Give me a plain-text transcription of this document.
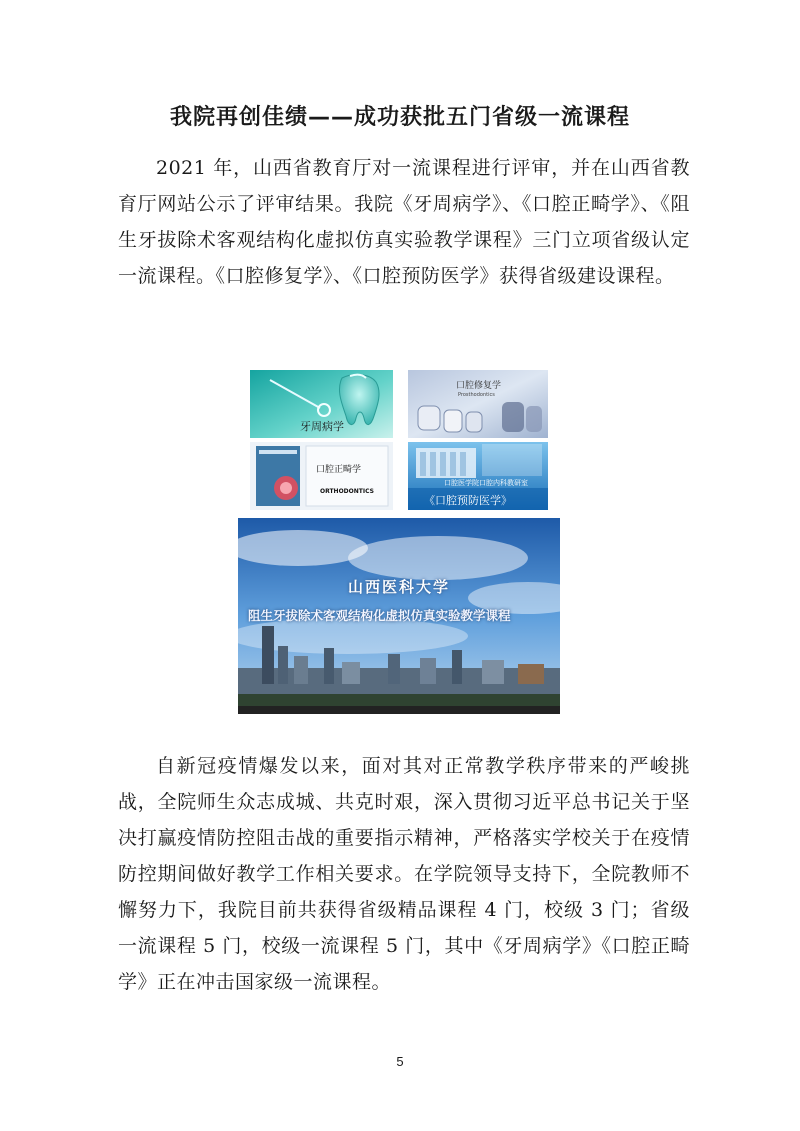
我院再创佳绩——成功获批五门省级一流课程

2021 年，山西省教育厅对一流课程进行评审，并在山西省教育厅网站公示了评审结果。我院《牙周病学》、《口腔正畸学》、《阻生牙拔除术客观结构化虚拟仿真实验教学课程》三门立项省级认定一流课程。《口腔修复学》、《口腔预防医学》获得省级建设课程。

牙周病学
口腔修复学
Prosthodontics
口腔正畸学
ORTHODONTICS
口腔医学院口腔内科教研室
《口腔预防医学》
山西医科大学
阻生牙拔除术客观结构化虚拟仿真实验教学课程

自新冠疫情爆发以来，面对其对正常教学秩序带来的严峻挑战，全院师生众志成城、共克时艰，深入贯彻习近平总书记关于坚决打赢疫情防控阻击战的重要指示精神，严格落实学校关于在疫情防控期间做好教学工作相关要求。在学院领导支持下，全院教师不懈努力下，我院目前共获得省级精品课程 4 门，校级 3 门；省级一流课程 5 门，校级一流课程 5 门，其中《牙周病学》《口腔正畸学》正在冲击国家级一流课程。

5
